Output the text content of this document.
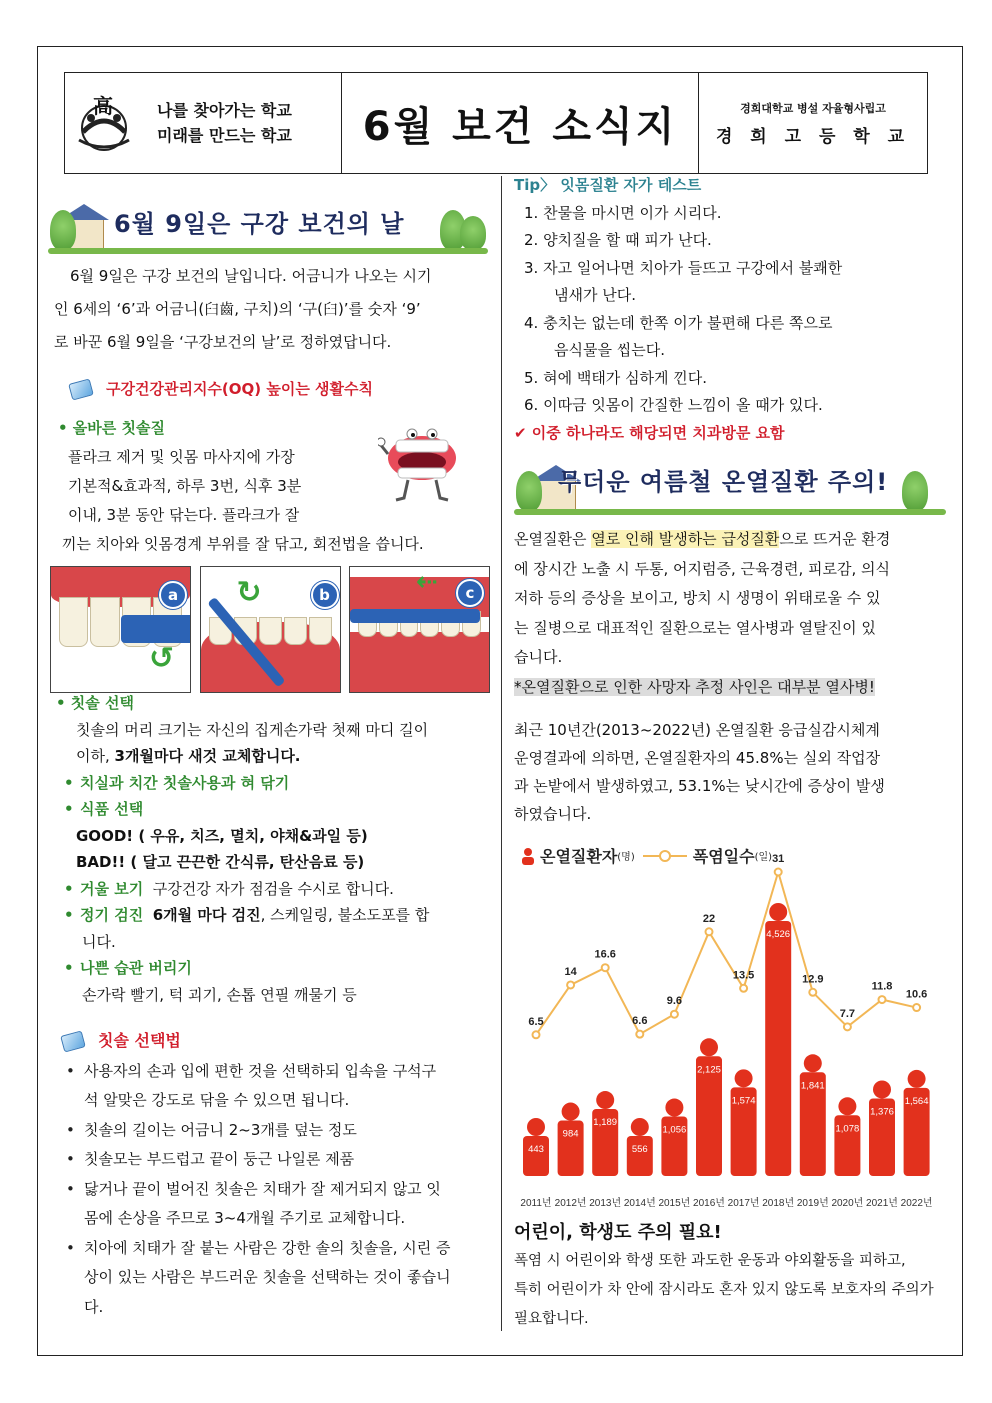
高	나를 찾아가는 학교
미래를 만드는 학교 6월 보건 소식지	경희대학교 병설 자율형사립고
경 희 고 등 학 교
6월 9일은 구강 보건의 날
6월 9일은 구강 보건의 날입니다. 어금니가 나오는 시기
인 6세의 ‘6’과 어금니(臼齒, 구치)의 ‘구(臼)’를 숫자 ‘9’
로 바꾼 6월 9일을 ‘구강보건의 날’로 정하였답니다.
구강건강관리지수(OQ) 높이는 생활수칙
• 올바른 칫솔질
플라크 제거 및 잇몸 마사지에 가장
기본적&효과적, 하루 3번, 식후 3분
이내, 3분 동안 닦는다. 플라크가 잘
끼는 치아와 잇몸경계 부위를 잘 닦고, 회전법을 씁니다.
a
↺
b
↻	c
⇠
• 칫솔 선택
칫솔의 머리 크기는 자신의 집게손가락 첫째 마디 길이
이하, 3개월마다 새것 교체합니다.
• 치실과 치간 칫솔사용과 혀 닦기
• 식품 선택
GOOD! ( 우유, 치즈, 멸치, 야채&과일 등)
BAD!! ( 달고 끈끈한 간식류, 탄산음료 등)
• 거울 보기 구강건강 자가 점검을 수시로 합니다.
• 정기 검진 6개월 마다 검진, 스케일링, 불소도포를 합
니다.
• 나쁜 습관 버리기
손가락 빨기, 턱 괴기, 손톱 연필 깨물기 등
칫솔 선택법
• 사용자의 손과 입에 편한 것을 선택하되 입속을 구석구
석 알맞은 강도로 닦을 수 있으면 됩니다.
• 칫솔의 길이는 어금니 2~3개를 덮는 정도
• 칫솔모는 부드럽고 끝이 둥근 나일론 제품
• 닳거나 끝이 벌어진 칫솔은 치태가 잘 제거되지 않고 잇
몸에 손상을 주므로 3~4개월 주기로 교체합니다.
• 치아에 치태가 잘 붙는 사람은 강한 솔의 칫솔을, 시린 증
상이 있는 사람은 부드러운 칫솔을 선택하는 것이 좋습니
다.
Tip〉 잇몸질환 자가 테스트
1. 찬물을 마시면 이가 시리다.
2. 양치질을 할 때 피가 난다.
3. 자고 일어나면 치아가 들뜨고 구강에서 불쾌한
냄새가 난다.
4. 충치는 없는데 한쪽 이가 불편해 다른 쪽으로
음식물을 씹는다.
5. 혀에 백태가 심하게 낀다.
6. 이따금 잇몸이 간질한 느낌이 올 때가 있다.
✔ 이중 하나라도 해당되면 치과방문 요함
무더운 여름철 온열질환 주의!
온열질환은 열로 인해 발생하는 급성질환으로 뜨거운 환경
에 장시간 노출 시 두통, 어지럼증, 근육경련, 피로감, 의식
저하 등의 증상을 보이고, 방치 시 생명이 위태로울 수 있
는 질병으로 대표적인 질환으로는 열사병과 열탈진이 있
습니다.
*온열질환으로 인한 사망자 추정 사인은 대부분 열사병!
최근 10년간(2013~2022년) 온열질환 응급실감시체계
운영결과에 의하면, 온열질환자의 45.8%는 실외 작업장
과 논밭에서 발생하였고, 53.1%는 낮시간에 증상이 발생
하였습니다.
온열질환자 (명)	폭염일수 (일)
443
984
1,189
556
1,056
2,125
1,574
4,526
1,841
1,078
1,376
1,564
6.5
14
16.6
6.6
9.6
22
13.5
31
12.9
7.7
11.8
10.6
2011년 2012년 2013년 2014년 2015년 2016년 2017년 2018년 2019년 2020년 2021년 2022년
어린이, 학생도 주의 필요!
폭염 시 어린이와 학생 또한 과도한 운동과 야외활동을 피하고,
특히 어린이가 차 안에 잠시라도 혼자 있지 않도록 보호자의 주의가
필요합니다.
